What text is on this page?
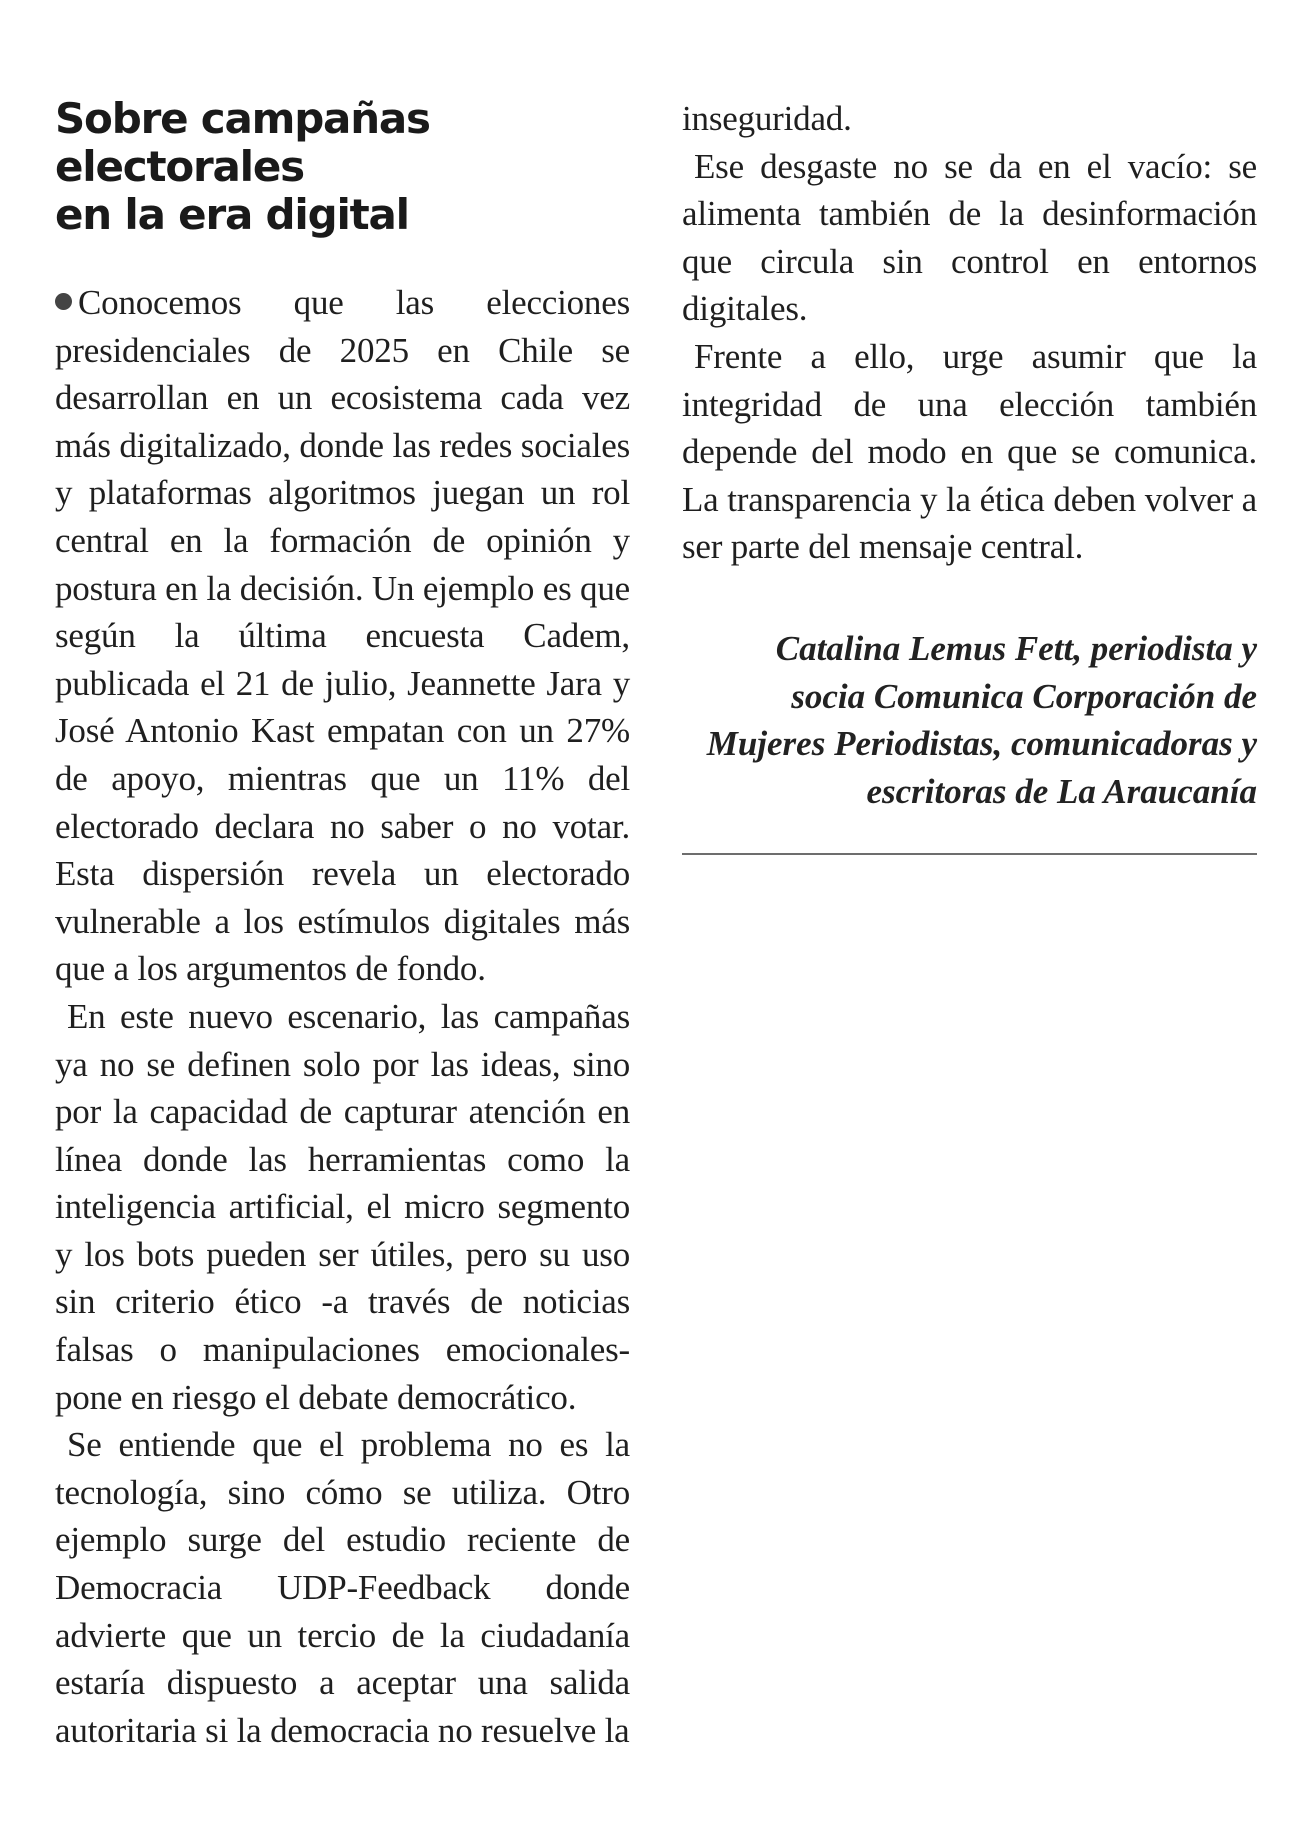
Sobre campañas electorales
en la era digital

Conocemos que las elecciones presidenciales de 2025 en Chile se desarrollan en un ecosistema cada vez más digitalizado, donde las redes sociales y plataformas algoritmos juegan un rol central en la formación de opinión y postura en la decisión. Un ejemplo es que según la última encuesta Cadem, publicada el 21 de julio, Jeannette Jara y José Antonio Kast empatan con un 27% de apoyo, mientras que un 11% del electorado declara no saber o no votar. Esta dispersión revela un electorado vulnerable a los estímulos digitales más que a los argumentos de fondo.

En este nuevo escenario, las campañas ya no se definen solo por las ideas, sino por la capacidad de capturar atención en línea donde las herramientas como la inteligencia artificial, el micro segmento y los bots pueden ser útiles, pero su uso sin criterio ético -a través de noticias falsas o manipulaciones emocionales- pone en riesgo el debate democrático.

Se entiende que el problema no es la tecnología, sino cómo se utiliza. Otro ejemplo surge del estudio reciente de Democracia UDP-Feedback donde advierte que un tercio de la ciudadanía estaría dispuesto a aceptar una salida autoritaria si la democracia no resuelve la

inseguridad.

Ese desgaste no se da en el vacío: se alimenta también de la desinformación que circula sin control en entornos digitales.

Frente a ello, urge asumir que la integridad de una elección también depende del modo en que se comunica. La transparencia y la ética deben volver a ser parte del mensaje central.

Catalina Lemus Fett, periodista y socia Comunica Corporación de Mujeres Periodistas, comunicadoras y escritoras de La Araucanía
